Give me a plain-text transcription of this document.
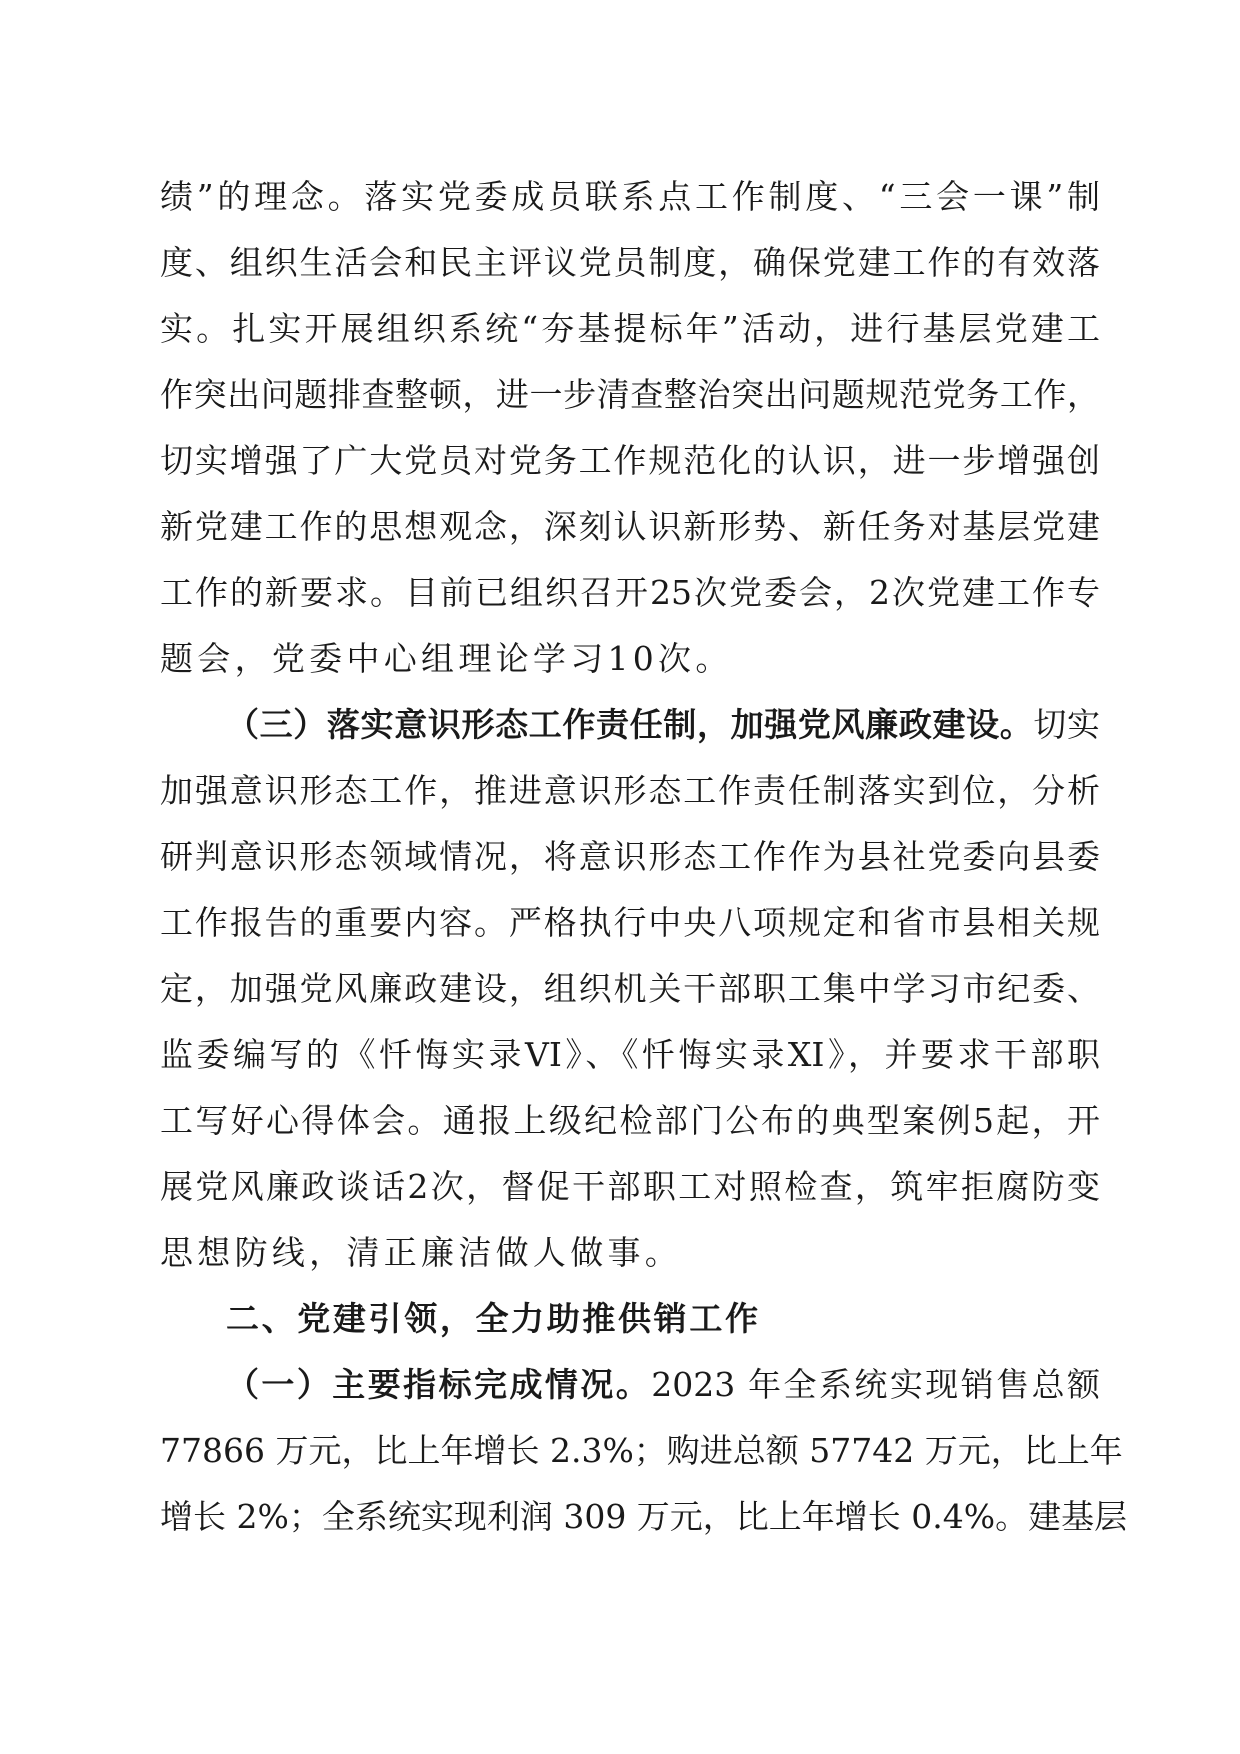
绩”的理念。落实党委成员联系点工作制度、“三会一课”制
度、组织生活会和民主评议党员制度，确保党建工作的有效落
实。扎实开展组织系统“夯基提标年”活动，进行基层党建工
作突出问题排查整顿，进一步清查整治突出问题规范党务工作，
切实增强了广大党员对党务工作规范化的认识，进一步增强创
新党建工作的思想观念，深刻认识新形势、新任务对基层党建
工作的新要求。目前已组织召开25次党委会，2次党建工作专
题会，党委中心组理论学习10次。
（三）落实意识形态工作责任制，加强党风廉政建设。切实
加强意识形态工作，推进意识形态工作责任制落实到位，分析
研判意识形态领域情况，将意识形态工作作为县社党委向县委
工作报告的重要内容。严格执行中央八项规定和省市县相关规
定，加强党风廉政建设，组织机关干部职工集中学习市纪委、
监委编写的《忏悔实录VI》、《忏悔实录XI》，并要求干部职
工写好心得体会。通报上级纪检部门公布的典型案例5起，开
展党风廉政谈话2次，督促干部职工对照检查，筑牢拒腐防变
思想防线，清正廉洁做人做事。
二、党建引领，全力助推供销工作
（一）主要指标完成情况。2023 年全系统实现销售总额
77866 万元，比上年增长 2.3%；购进总额 57742 万元，比上年
增长 2%；全系统实现利润 309 万元，比上年增长 0.4%。建基层
